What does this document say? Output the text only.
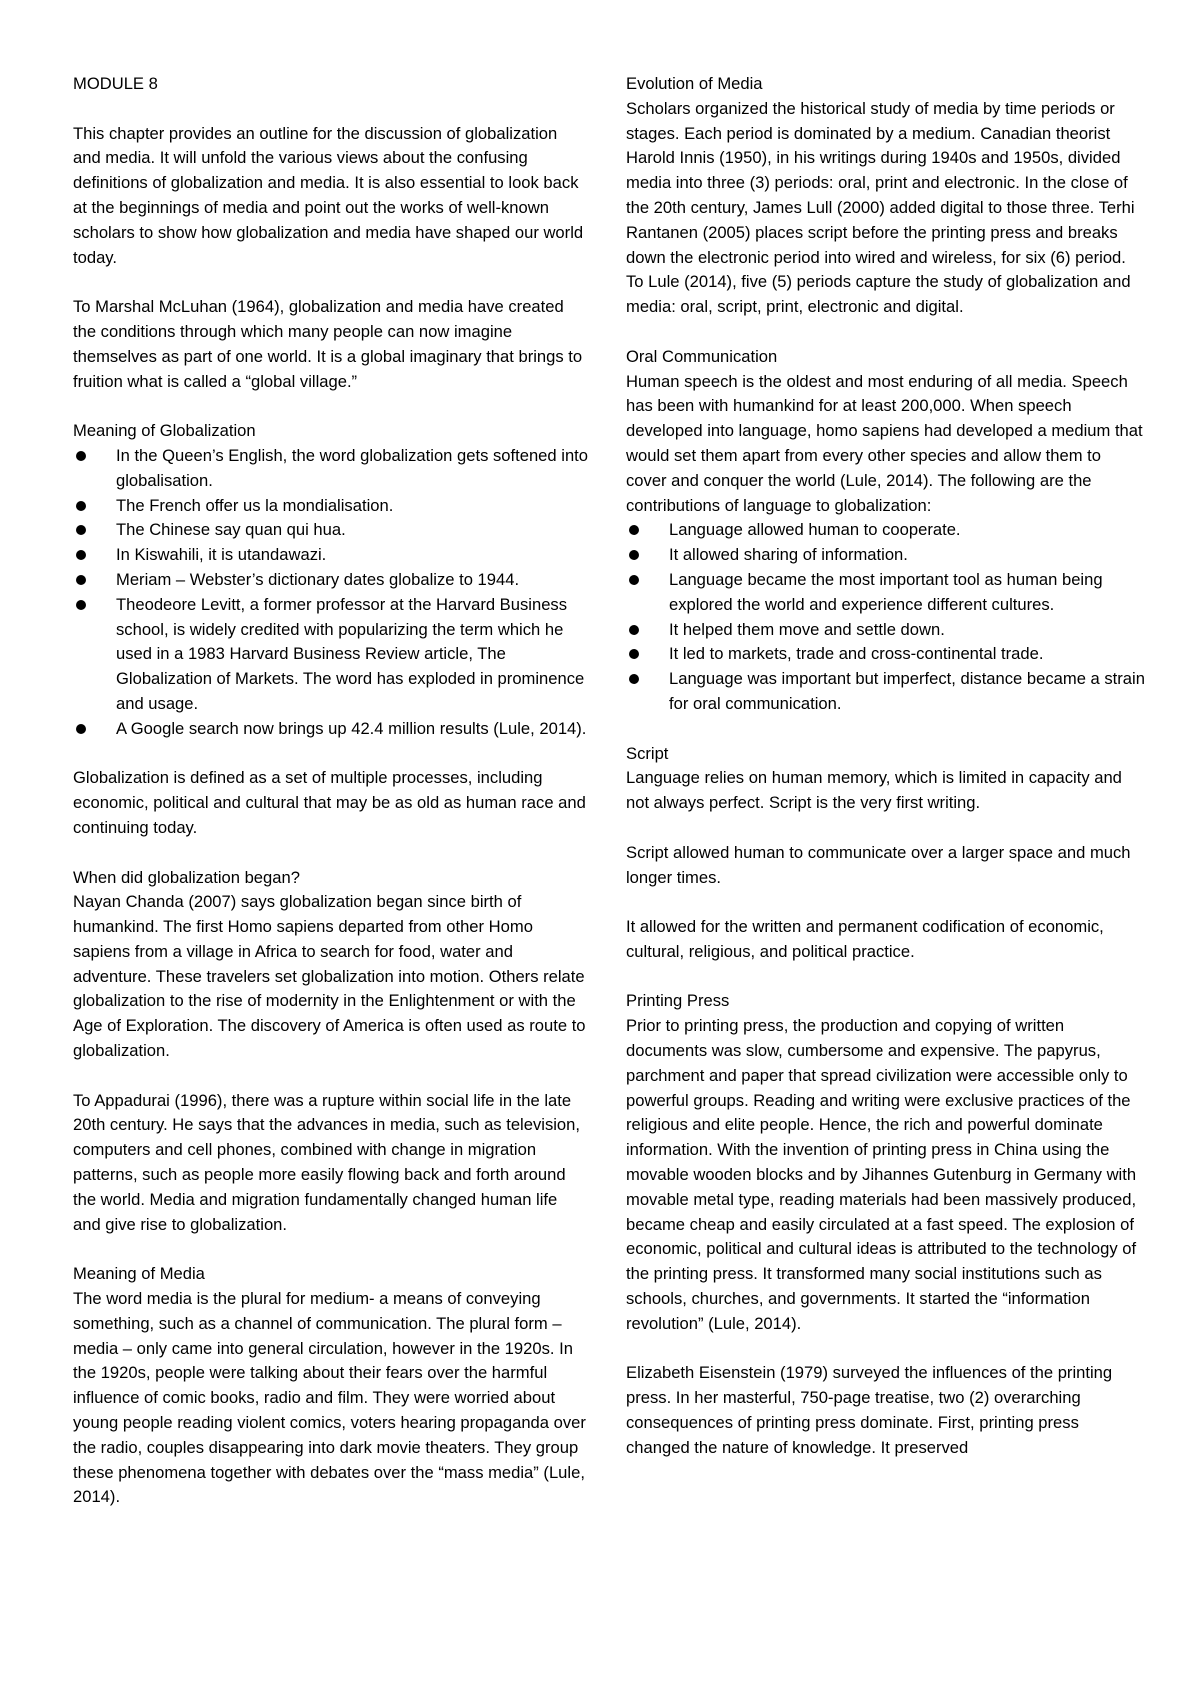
MODULE 8

This chapter provides an outline for the discussion of globalization and media. It will unfold the various views about the confusing definitions of globalization and media. It is also essential to look back at the beginnings of media and point out the works of well-known scholars to show how globalization and media have shaped our world today.

To Marshal McLuhan (1964), globalization and media have created the conditions through which many people can now imagine themselves as part of one world. It is a global imaginary that brings to fruition what is called a “global village.”

Meaning of Globalization

In the Queen’s English, the word globalization gets softened into globalisation.
The French offer us la mondialisation.
The Chinese say quan qui hua.
In Kiswahili, it is utandawazi.
Meriam – Webster’s dictionary dates globalize to 1944.
Theodeore Levitt, a former professor at the Harvard Business school, is widely credited with popularizing the term which he used in a 1983 Harvard Business Review article, The Globalization of Markets. The word has exploded in prominence and usage.
A Google search now brings up 42.4 million results (Lule, 2014).

Globalization is defined as a set of multiple processes, including economic, political and cultural that may be as old as human race and continuing today.

When did globalization began?

Nayan Chanda (2007) says globalization began since birth of humankind. The first Homo sapiens departed from other Homo sapiens from a village in Africa to search for food, water and adventure. These travelers set globalization into motion. Others relate globalization to the rise of modernity in the Enlightenment or with the Age of Exploration. The discovery of America is often used as route to globalization.

To Appadurai (1996), there was a rupture within social life in the late 20th century. He says that the advances in media, such as television, computers and cell phones, combined with change in migration patterns, such as people more easily flowing back and forth around the world. Media and migration fundamentally changed human life and give rise to globalization.

Meaning of Media

The word media is the plural for medium- a means of conveying something, such as a channel of communication. The plural form – media – only came into general circulation, however in the 1920s. In the 1920s, people were talking about their fears over the harmful influence of comic books, radio and film. They were worried about young people reading violent comics, voters hearing propaganda over the radio, couples disappearing into dark movie theaters. They group these phenomena together with debates over the “mass media” (Lule, 2014).

Evolution of Media

Scholars organized the historical study of media by time periods or stages. Each period is dominated by a medium. Canadian theorist Harold Innis (1950), in his writings during 1940s and 1950s, divided media into three (3) periods: oral, print and electronic. In the close of the 20th century, James Lull (2000) added digital to those three. Terhi Rantanen (2005) places script before the printing press and breaks down the electronic period into wired and wireless, for six (6) period.

To Lule (2014), five (5) periods capture the study of globalization and media: oral, script, print, electronic and digital.

Oral Communication

Human speech is the oldest and most enduring of all media. Speech has been with humankind for at least 200,000. When speech developed into language, homo sapiens had developed a medium that would set them apart from every other species and allow them to cover and conquer the world (Lule, 2014). The following are the contributions of language to globalization:

Language allowed human to cooperate.
It allowed sharing of information.
Language became the most important tool as human being explored the world and experience different cultures.
It helped them move and settle down.
It led to markets, trade and cross-continental trade.
Language was important but imperfect, distance became a strain for oral communication.

Script

Language relies on human memory, which is limited in capacity and not always perfect. Script is the very first writing.

Script allowed human to communicate over a larger space and much longer times.

It allowed for the written and permanent codification of economic, cultural, religious, and political practice.

Printing Press

Prior to printing press, the production and copying of written documents was slow, cumbersome and expensive. The papyrus, parchment and paper that spread civilization were accessible only to powerful groups. Reading and writing were exclusive practices of the religious and elite people. Hence, the rich and powerful dominate information. With the invention of printing press in China using the movable wooden blocks and by Jihannes Gutenburg in Germany with movable metal type, reading materials had been massively produced, became cheap and easily circulated at a fast speed. The explosion of economic, political and cultural ideas is attributed to the technology of the printing press. It transformed many social institutions such as schools, churches, and governments. It started the “information revolution” (Lule, 2014).

Elizabeth Eisenstein (1979) surveyed the influences of the printing press. In her masterful, 750-page treatise, two (2) overarching consequences of printing press dominate. First, printing press changed the nature of knowledge. It preserved
